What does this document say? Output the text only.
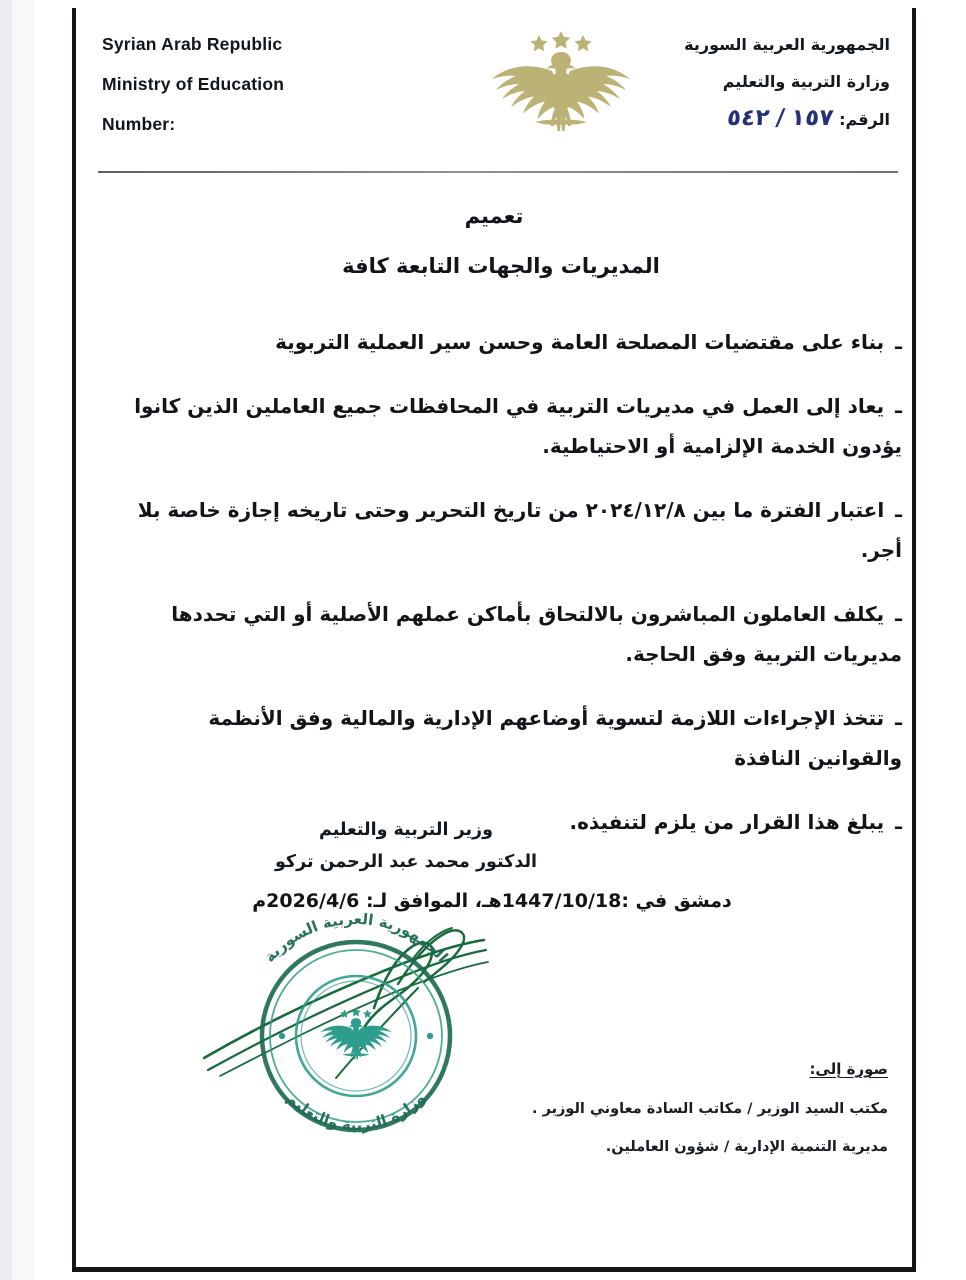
Syrian Arab Republic
Ministry of Education
Number:
الجمهورية العربية السورية
وزارة التربية والتعليم
الرقم:
١٥٧
/
٥٤٢
تعميم
المديريات والجهات التابعة كافة

ـ بناء على مقتضيات المصلحة العامة وحسن سير العملية التربوية

ـ يعاد إلى العمل في مديريات التربية في المحافظات جميع العاملين الذين كانوا يؤدون الخدمة الإلزامية أو الاحتياطية.

ـ اعتبار الفترة ما بين ٢٠٢٤/١٢/٨ من تاريخ التحرير وحتى تاريخه إجازة خاصة بلا أجر.

ـ يكلف العاملون المباشرون بالالتحاق بأماكن عملهم الأصلية أو التي تحددها مديريات التربية وفق الحاجة.

ـ تتخذ الإجراءات اللازمة لتسوية أوضاعهم الإدارية والمالية وفق الأنظمة والقوانين النافذة

ـ يبلغ هذا القرار من يلزم لتنفيذه.

دمشق في :1447/10/18هـ، الموافق لـ: 2026/4/6م
وزير التربية والتعليم
الدكتور محمد عبد الرحمن تركو
الجمهورية العربية السورية
وزارة التربية والتعليم
صورة إلى:
مكتب السيد الوزير / مكاتب السادة معاوني الوزير .
مديرية التنمية الإدارية / شؤون العاملين.
